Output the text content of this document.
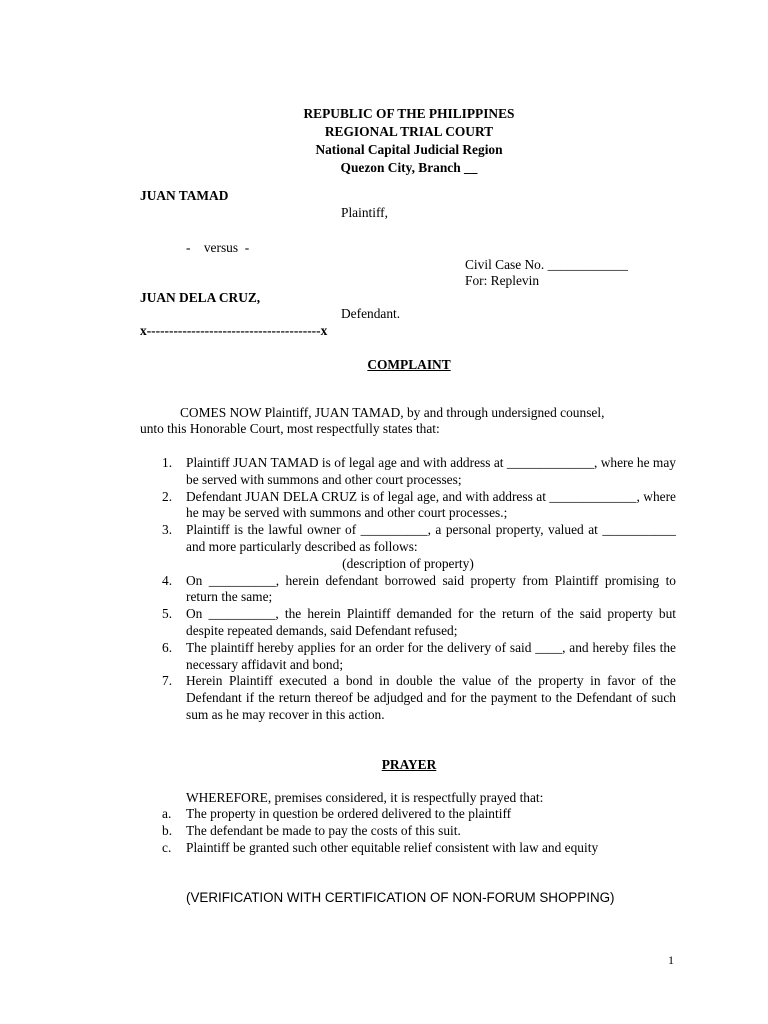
REPUBLIC OF THE PHILIPPINES
REGIONAL TRIAL COURT
National Capital Judicial Region
Quezon City, Branch __
JUAN TAMAD
Plaintiff,
-    versus  -
Civil Case No. ____________
For: Replevin
JUAN DELA CRUZ,
Defendant.
x---------------------------------------x
COMPLAINT
COMES NOW Plaintiff, JUAN TAMAD, by and through undersigned counsel,
unto this Honorable Court, most respectfully states that:
1. Plaintiff JUAN TAMAD is of legal age and with address at _____________, where he may be served with summons and other court processes;
2. Defendant JUAN DELA CRUZ is of legal age, and with address at _____________, where he may be served with summons and other court processes.;
3. Plaintiff is the lawful owner of __________, a personal property, valued at ___________ and more particularly described as follows:
(description of property)
4. On __________, herein defendant borrowed said property from Plaintiff promising to return the same;
5. On __________, the herein Plaintiff demanded for the return of the said property but despite repeated demands, said Defendant refused;
6. The plaintiff hereby applies for an order for the delivery of said ____, and hereby files the necessary affidavit and bond;
7. Herein Plaintiff executed a bond in double the value of the property in favor of the Defendant if the return thereof be adjudged and for the payment to the Defendant of such sum as he may recover in this action.
PRAYER
WHEREFORE, premises considered, it is respectfully prayed that:
a. The property in question be ordered delivered to the plaintiff
b. The defendant be made to pay the costs of this suit.
c. Plaintiff be granted such other equitable relief consistent with law and equity
(VERIFICATION WITH CERTIFICATION OF NON-FORUM SHOPPING)
1
